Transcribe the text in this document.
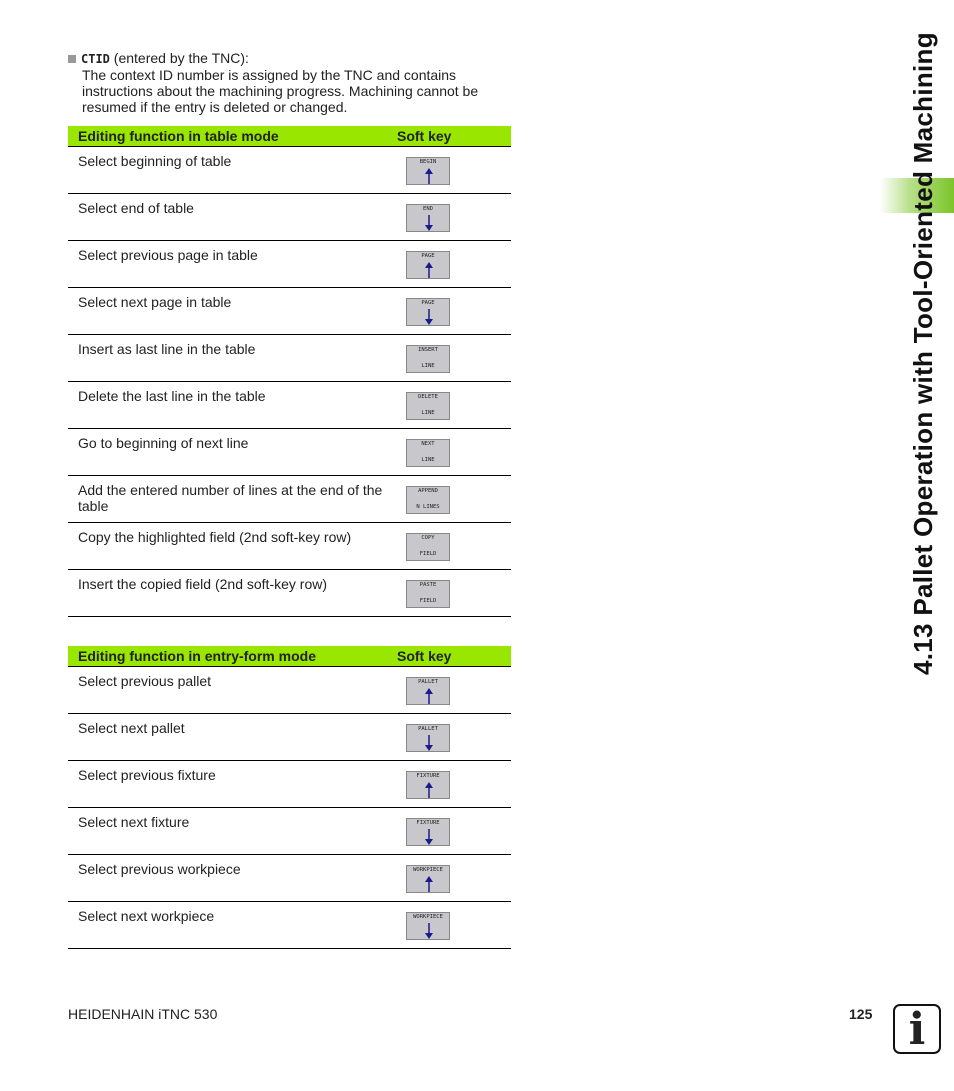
CTID (entered by the TNC):
The context ID number is assigned by the TNC and contains instructions about the machining progress. Machining cannot be resumed if the entry is deleted or changed.
Editing function in table mode	Soft key
Select beginning of table	BEGIN

Select end of table	END

Select previous page in table	PAGE

Select next page in table	PAGE

Insert as last line in the table	INSERT
LINE

Delete the last line in the table	DELETE
LINE

Go to beginning of next line	NEXT
LINE

Add the entered number of lines at the end of the table	APPEND
N LINES

Copy the highlighted field (2nd soft-key row)	COPY
FIELD

Insert the copied field (2nd soft-key row)	PASTE
FIELD
Editing function in entry-form mode	Soft key
Select previous pallet	PALLET

Select next pallet	PALLET

Select previous fixture	FIXTURE

Select next fixture	FIXTURE

Select previous workpiece	WORKPIECE

Select next workpiece	WORKPIECE
4.13 Pallet Operation with Tool-Oriented Machining
HEIDENHAIN iTNC 530	125 i
